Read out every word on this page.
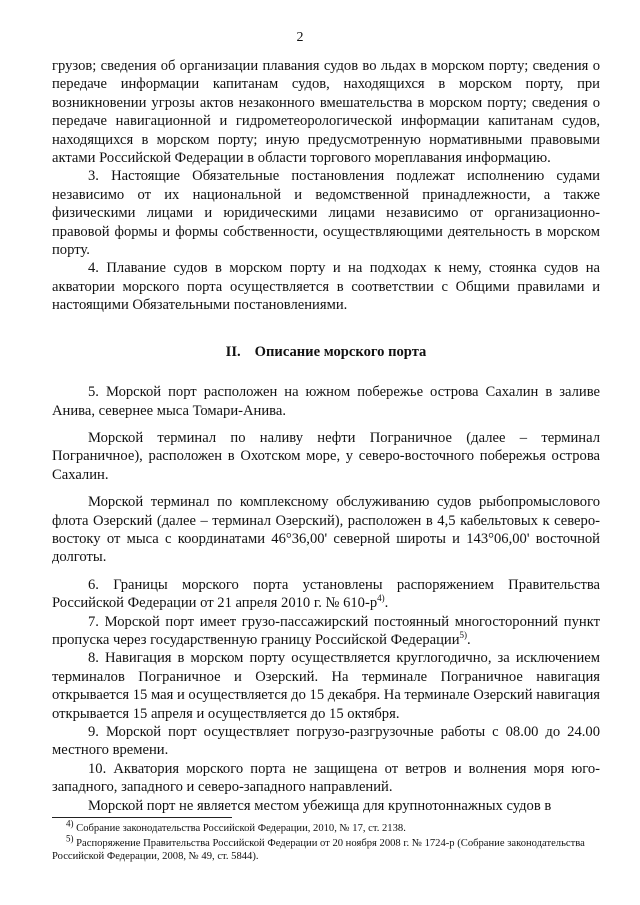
2

грузов; сведения об организации плавания судов во льдах в морском порту; сведения о передаче информации капитанам судов, находящихся в морском порту, при возникновении угрозы актов незаконного вмешательства в морском порту; сведения о передаче навигационной и гидрометеорологической информации капитанам судов, находящихся в морском порту; иную предусмотренную нормативными правовыми актами Российской Федерации в области торгового мореплавания информацию.

3. Настоящие Обязательные постановления подлежат исполнению судами независимо от их национальной и ведомственной принадлежности, а также физическими лицами и юридическими лицами независимо от организационно-правовой формы и формы собственности, осуществляющими деятельность в морском порту.

4. Плавание судов в морском порту и на подходах к нему, стоянка судов на акватории морского порта осуществляется в соответствии с Общими правилами и настоящими Обязательными постановлениями.

II. Описание морского порта

5. Морской порт расположен на южном побережье острова Сахалин в заливе Анива, севернее мыса Томари-Анива.

Морской терминал по наливу нефти Пограничное (далее – терминал Пограничное), расположен в Охотском море, у северо-восточного побережья острова Сахалин.

Морской терминал по комплексному обслуживанию судов рыбопромыслового флота Озерский (далее – терминал Озерский), расположен в 4,5 кабельтовых к северо-востоку от мыса с координатами 46°36,00' северной широты и 143°06,00' восточной долготы.

6. Границы морского порта установлены распоряжением Правительства Российской Федерации от 21 апреля 2010 г. № $610-р^{4)}$.

7. Морской порт имеет грузо-пассажирский постоянный многосторонний пункт пропуска через государственную границу Российской Федерации$^{5)}$.

8. Навигация в морском порту осуществляется круглогодично, за исключением терминалов Пограничное и Озерский. На терминале Пограничное навигация открывается 15 мая и осуществляется до 15 декабря. На терминале Озерский навигация открывается 15 апреля и осуществляется до 15 октября.

9. Морской порт осуществляет погрузо-разгрузочные работы с 08.00 до 24.00 местного времени.

10. Акватория морского порта не защищена от ветров и волнения моря юго-западного, западного и северо-западного направлений.

Морской порт не является местом убежища для крупнотоннажных судов в

$^{4)}$ Собрание законодательства Российской Федерации, 2010, № 17, ст. 2138.

$^{5)}$ Распоряжение Правительства Российской Федерации от 20 ноября 2008 г. № 1724-р (Собрание законодательства Российской Федерации, 2008, № 49, ст. 5844).
